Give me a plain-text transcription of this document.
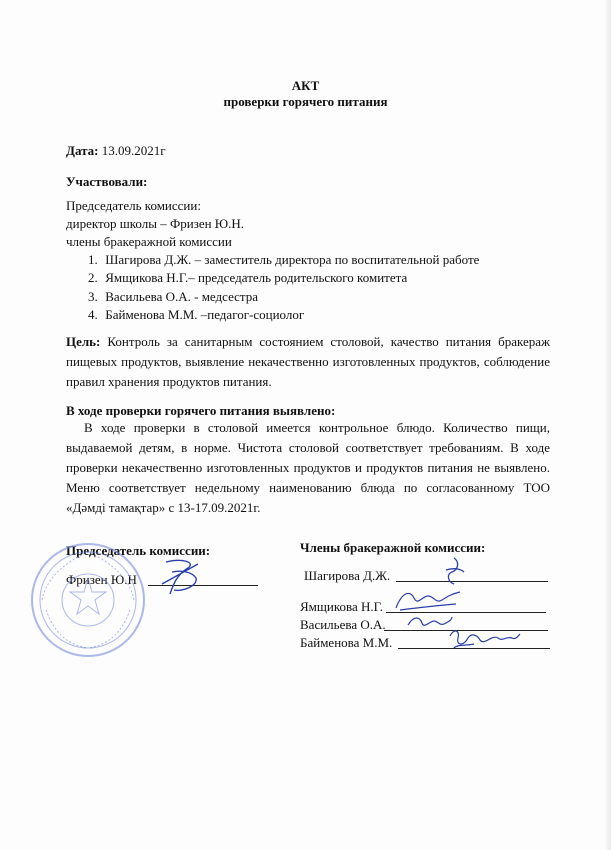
АКТ
проверки горячего питания
Дата: 13.09.2021г
Участвовали:
Председатель комиссии:
директор школы – Фризен Ю.Н.
члены бракеражной комиссии
1. Шагирова Д.Ж. – заместитель директора по воспитательной работе
2. Ямщикова Н.Г.– председатель родительского комитета
3. Васильева О.А. - медсестра
4. Байменова М.М. –педагог-социолог
Цель: Контроль за санитарным состоянием столовой, качество питания бракераж пищевых продуктов, выявление некачественно изготовленных продуктов, соблюдение правил хранения продуктов питания.
В ходе проверки горячего питания выявлено:
В ходе проверки в столовой имеется контрольное блюдо. Количество пищи, выдаваемой детям, в норме. Чистота столовой соответствует требованиям. В ходе проверки некачественно изготовленных продуктов и продуктов питания не выявлено. Меню соответствует недельному наименованию блюда по согласованному ТОО «Дәмді тамақтар» с 13-17.09.2021г.
Председатель комиссии:
Фризен Ю.Н
Члены бракеражной комиссии:
Шагирова Д.Ж.
Ямщикова Н.Г.
Васильева О.А.
Байменова М.М.
